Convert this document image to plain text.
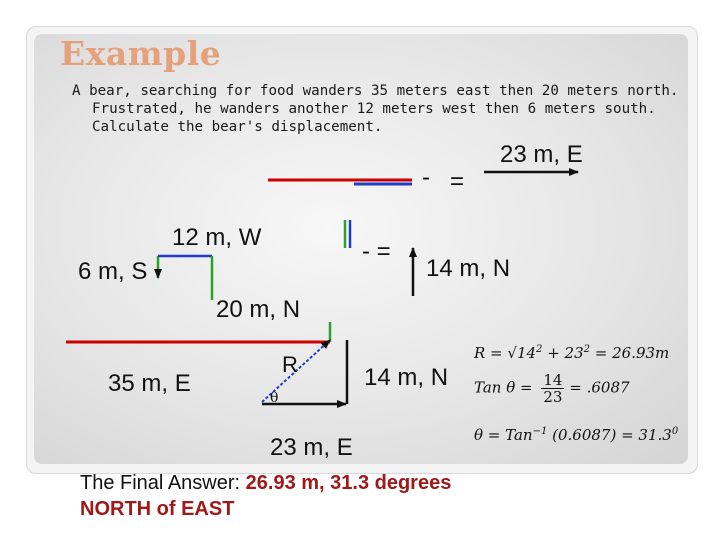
Example

A bear, searching for food wanders 35 meters east then 20 meters north. Frustrated, he wanders another 12 meters west then 6 meters south. Calculate the bear's displacement.

- =
23 m, E
12 m, W
6 m, S
- =
14 m, N
20 m, N
35 m, E
R
θ
14 m, N
23 m, E
$R = √14^2 + 23^2 = 26.93m$
Tan $\theta = \frac{14}{23} = .6087$
θ = Tan$^{-1}$ $(0.6087) = 31.3^0$
The Final Answer: 26.93 m, 31.3 degrees
NORTH of EAST
